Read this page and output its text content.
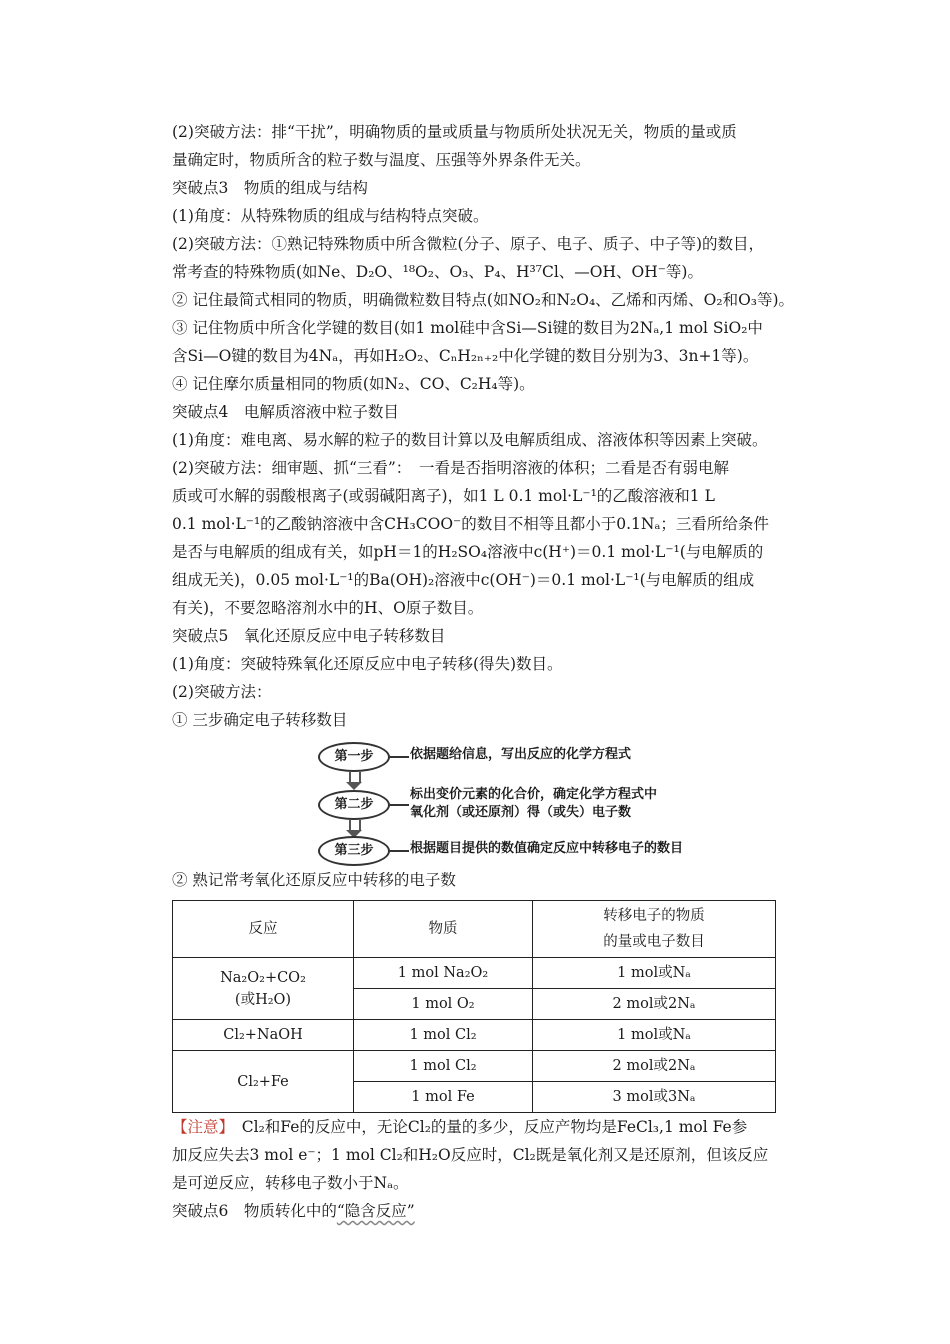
(2)突破方法：排“干扰”，明确物质的量或质量与物质所处状况无关，物质的量或质

量确定时，物质所含的粒子数与温度、压强等外界条件无关。

突破点3　物质的组成与结构

(1)角度：从特殊物质的组成与结构特点突破。

(2)突破方法：①熟记特殊物质中所含微粒(分子、原子、电子、质子、中子等)的数目，

常考查的特殊物质(如Ne、D₂O、¹⁸O₂、O₃、P₄、H³⁷Cl、—OH、OH⁻等)。

② 记住最简式相同的物质，明确微粒数目特点(如NO₂和N₂O₄、乙烯和丙烯、O₂和O₃等)。

③ 记住物质中所含化学键的数目(如1 mol硅中含Si—Si键的数目为2Nₐ,1 mol SiO₂中

含Si—O键的数目为4Nₐ，再如H₂O₂、CₙH₂ₙ₊₂中化学键的数目分别为3、3n+1等)。

④ 记住摩尔质量相同的物质(如N₂、CO、C₂H₄等)。

突破点4　电解质溶液中粒子数目

(1)角度：难电离、易水解的粒子的数目计算以及电解质组成、溶液体积等因素上突破。

(2)突破方法：细审题、抓“三看”：　一看是否指明溶液的体积；二看是否有弱电解

质或可水解的弱酸根离子(或弱碱阳离子)，如1 L 0.1 mol·L⁻¹的乙酸溶液和1 L

0.1 mol·L⁻¹的乙酸钠溶液中含CH₃COO⁻的数目不相等且都小于0.1Nₐ；三看所给条件

是否与电解质的组成有关，如pH＝1的H₂SO₄溶液中c(H⁺)＝0.1 mol·L⁻¹(与电解质的

组成无关)，0.05 mol·L⁻¹的Ba(OH)₂溶液中c(OH⁻)＝0.1 mol·L⁻¹(与电解质的组成

有关)，不要忽略溶剂水中的H、O原子数目。

突破点5　氧化还原反应中电子转移数目

(1)角度：突破特殊氧化还原反应中电子转移(得失)数目。

(2)突破方法：

① 三步确定电子转移数目

第一步	依据题给信息，写出反应的化学方程式
第二步
标出变价元素的化合价，确定化学方程式中
氧化剂（或还原剂）得（或失）电子数
第三步	根据题目提供的数值确定反应中转移电子的数目

② 熟记常考氧化还原反应中转移的电子数

反应	物质	转移电子的物质
的量或电子数目

Na₂O₂+CO₂
(或H₂O)	1 mol Na₂O₂	1 mol或Nₐ
	1 mol O₂	2 mol或2Nₐ
Cl₂+NaOH	1 mol Cl₂	1 mol或Nₐ
Cl₂+Fe	1 mol Cl₂	2 mol或2Nₐ
	1 mol Fe	3 mol或3Nₐ

【注意】　Cl₂和Fe的反应中，无论Cl₂的量的多少，反应产物均是FeCl₃,1 mol Fe参

加反应失去3 mol e⁻；1 mol Cl₂和H₂O反应时，Cl₂既是氧化剂又是还原剂，但该反应

是可逆反应，转移电子数小于Nₐ。

突破点6　物质转化中的“隐含反应”
